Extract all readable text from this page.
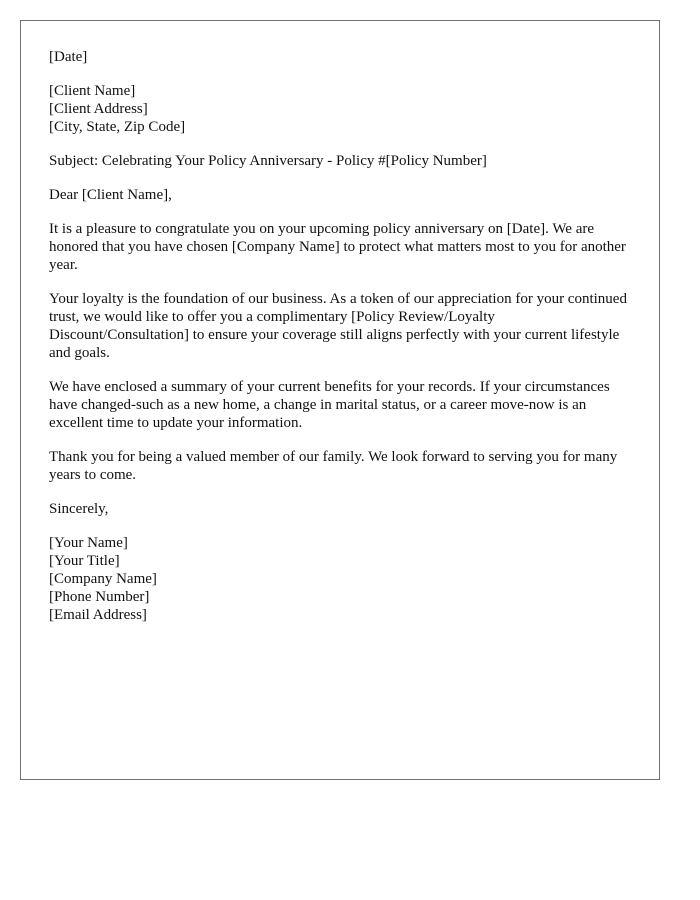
[Date]
[Client Name]
[Client Address]
[City, State, Zip Code]
Subject: Celebrating Your Policy Anniversary - Policy #[Policy Number]
Dear [Client Name],

It is a pleasure to congratulate you on your upcoming policy anniversary on [Date]. We are honored that you have chosen [Company Name] to protect what matters most to you for another year.

Your loyalty is the foundation of our business. As a token of our appreciation for your continued trust, we would like to offer you a complimentary [Policy Review/Loyalty Discount/Consultation] to ensure your coverage still aligns perfectly with your current lifestyle and goals.

We have enclosed a summary of your current benefits for your records. If your circumstances have changed-such as a new home, a change in marital status, or a career move-now is an excellent time to update your information.

Thank you for being a valued member of our family. We look forward to serving you for many years to come.

Sincerely,
[Your Name]
[Your Title]
[Company Name]
[Phone Number]
[Email Address]
